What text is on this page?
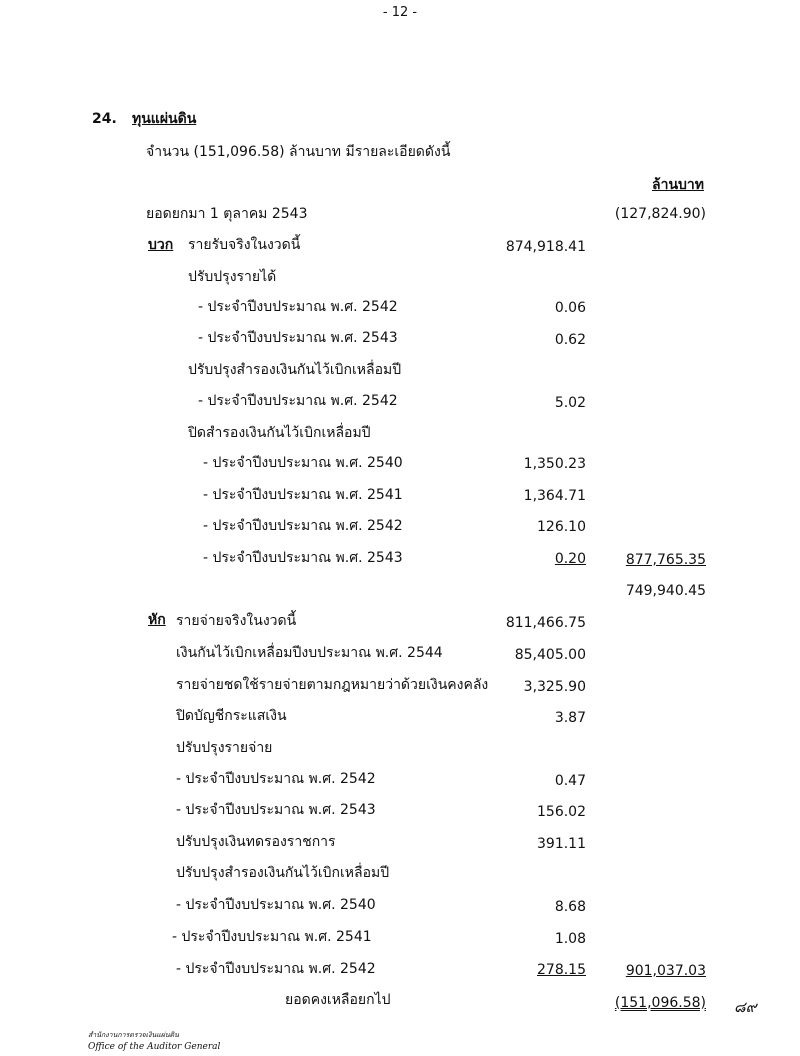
- 12 -
24. ทุนแผ่นดิน
จำนวน (151,096.58) ล้านบาท มีรายละเอียดดังนี้
ล้านบาท
ยอดยกมา 1 ตุลาคม 2543	(127,824.90)
บวก รายรับจริงในงวดนี้	874,918.41
ปรับปรุงรายได้
- ประจำปีงบประมาณ พ.ศ. 2542	0.06
- ประจำปีงบประมาณ พ.ศ. 2543	0.62
ปรับปรุงสำรองเงินกันไว้เบิกเหลื่อมปี
- ประจำปีงบประมาณ พ.ศ. 2542	5.02
ปิดสำรองเงินกันไว้เบิกเหลื่อมปี
- ประจำปีงบประมาณ พ.ศ. 2540	1,350.23
- ประจำปีงบประมาณ พ.ศ. 2541	1,364.71
- ประจำปีงบประมาณ พ.ศ. 2542	126.10
- ประจำปีงบประมาณ พ.ศ. 2543	0.20	877,765.35
749,940.45
หัก รายจ่ายจริงในงวดนี้	811,466.75
เงินกันไว้เบิกเหลื่อมปีงบประมาณ พ.ศ. 2544	85,405.00
รายจ่ายชดใช้รายจ่ายตามกฎหมายว่าด้วยเงินคงคลัง	3,325.90
ปิดบัญชีกระแสเงิน	3.87
ปรับปรุงรายจ่าย
- ประจำปีงบประมาณ พ.ศ. 2542	0.47
- ประจำปีงบประมาณ พ.ศ. 2543	156.02
ปรับปรุงเงินทดรองราชการ	391.11
ปรับปรุงสำรองเงินกันไว้เบิกเหลื่อมปี
- ประจำปีงบประมาณ พ.ศ. 2540	8.68
- ประจำปีงบประมาณ พ.ศ. 2541	1.08
- ประจำปีงบประมาณ พ.ศ. 2542	278.15	901,037.03
ยอดคงเหลือยกไป	(151,096.58) ๘๙
สำนักงานการตรวจเงินแผ่นดิน
Office of the Auditor General
